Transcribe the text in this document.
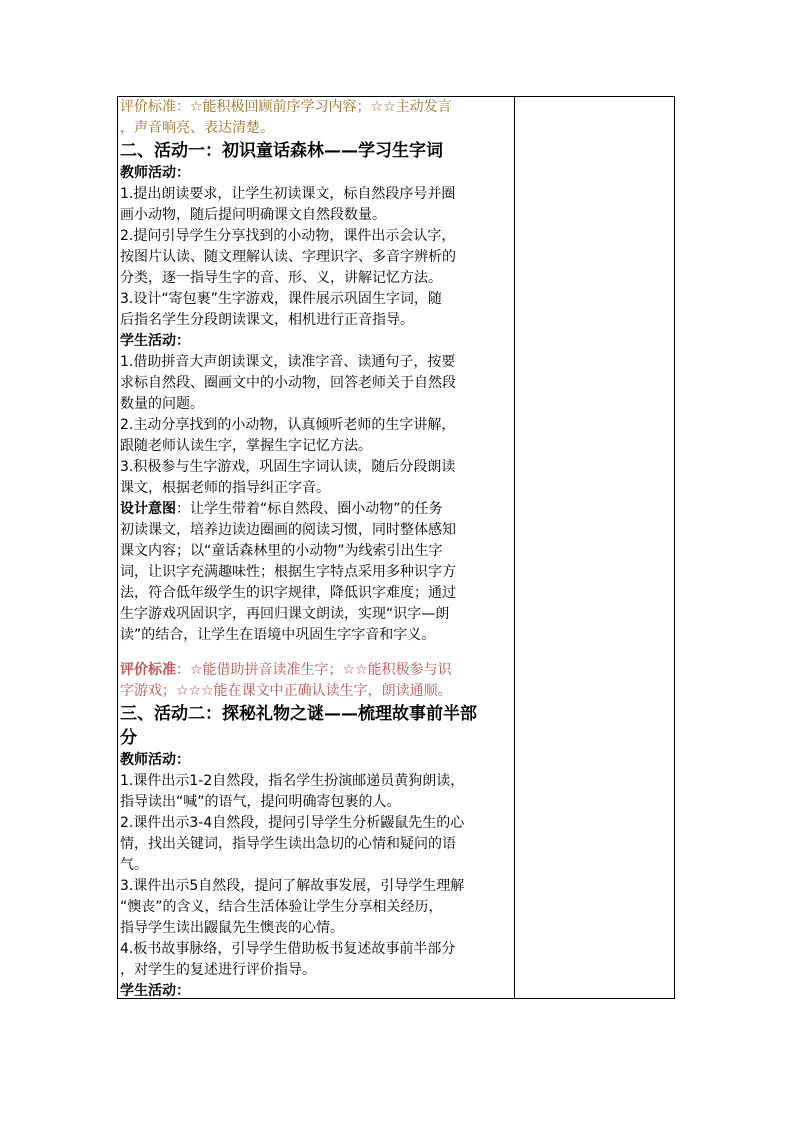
评价标准：☆能积极回顾前序学习内容；☆☆主动发言
，声音响亮、表达清楚。
二、活动一：初识童话森林——学习生字词
教师活动：
1.提出朗读要求，让学生初读课文，标自然段序号并圈
画小动物，随后提问明确课文自然段数量。
2.提问引导学生分享找到的小动物，课件出示会认字，
按图片认读、随文理解认读、字理识字、多音字辨析的
分类，逐一指导生字的音、形、义，讲解记忆方法。
3.设计“寄包裹”生字游戏，课件展示巩固生字词，随
后指名学生分段朗读课文，相机进行正音指导。
学生活动：
1.借助拼音大声朗读课文，读准字音、读通句子，按要
求标自然段、圈画文中的小动物，回答老师关于自然段
数量的问题。
2.主动分享找到的小动物，认真倾听老师的生字讲解，
跟随老师认读生字，掌握生字记忆方法。
3.积极参与生字游戏，巩固生字词认读，随后分段朗读
课文，根据老师的指导纠正字音。
设计意图：让学生带着“标自然段、圈小动物”的任务
初读课文，培养边读边圈画的阅读习惯，同时整体感知
课文内容；以“童话森林里的小动物”为线索引出生字
词，让识字充满趣味性；根据生字特点采用多种识字方
法，符合低年级学生的识字规律，降低识字难度；通过
生字游戏巩固识字，再回归课文朗读，实现“识字—朗
读”的结合，让学生在语境中巩固生字字音和字义。
评价标准：☆能借助拼音读准生字；☆☆能积极参与识
字游戏；☆☆☆能在课文中正确认读生字，朗读通顺。
三、活动二：探秘礼物之谜——梳理故事前半部
分
教师活动：
1.课件出示1-2自然段，指名学生扮演邮递员黄狗朗读，
指导读出“喊”的语气，提问明确寄包裹的人。
2.课件出示3-4自然段，提问引导学生分析鼹鼠先生的心
情，找出关键词，指导学生读出急切的心情和疑问的语
气。
3.课件出示5自然段，提问了解故事发展，引导学生理解
“懊丧”的含义，结合生活体验让学生分享相关经历，
指导学生读出鼹鼠先生懊丧的心情。
4.板书故事脉络，引导学生借助板书复述故事前半部分
，对学生的复述进行评价指导。
学生活动：
